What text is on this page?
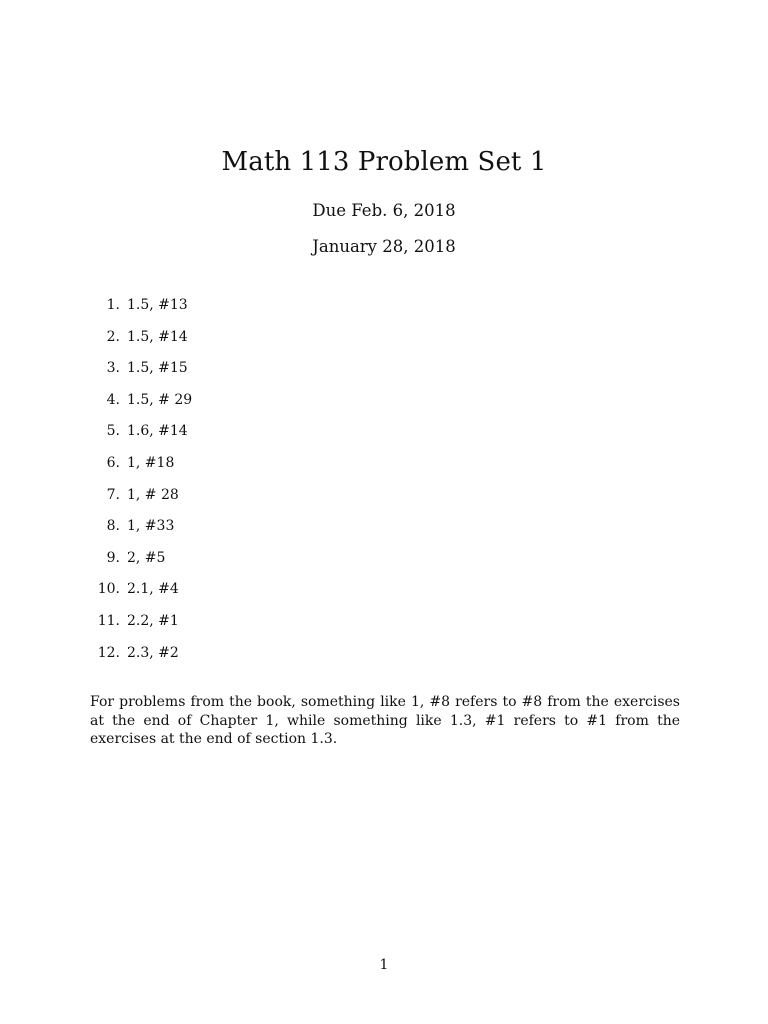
Math 113 Problem Set 1
Due Feb. 6, 2018
January 28, 2018
1. 1.5, #13
2. 1.5, #14
3. 1.5, #15
4. 1.5, # 29
5. 1.6, #14
6. 1, #18
7. 1, # 28
8. 1, #33
9. 2, #5
10. 2.1, #4
11. 2.2, #1
12. 2.3, #2

For problems from the book, something like 1, #8 refers to #8 from the exercises at the end of Chapter 1, while something like 1.3, #1 refers to #1 from the exercises at the end of section 1.3.

1
